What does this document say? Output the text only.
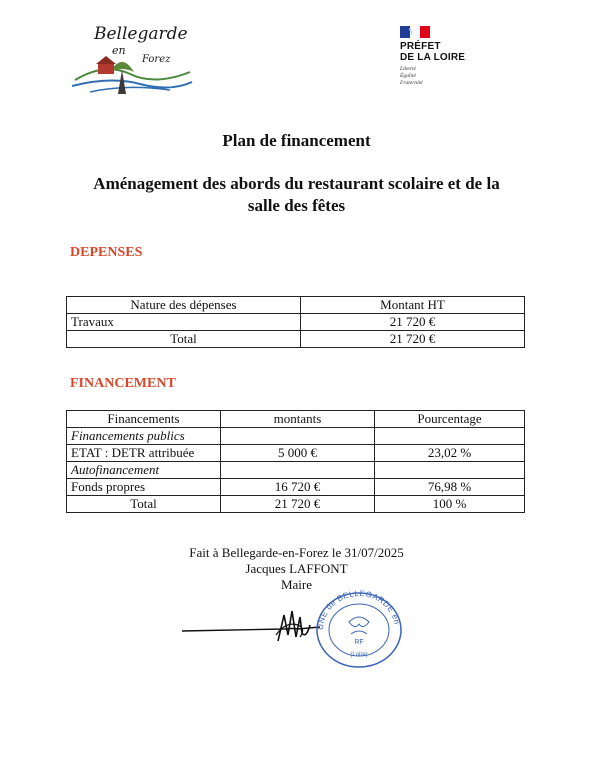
Bellegarde
en
Forez
PRÉFET
DE LA LOIRE
Liberté
Égalité
Fraternité
Plan de financement
Aménagement des abords du restaurant scolaire et de la
salle des fêtes
DEPENSES
Nature des dépenses	Montant HT
Travaux	21 720 €
Total	21 720 €
FINANCEMENT
Financements	montants	Pourcentage
Financements publics		
ETAT : DETR attribuée	5 000 €	23,02 %
Autofinancement		
Fonds propres	16 720 €	76,98 %
Total	21 720 €	100 %
Fait à Bellegarde-en-Forez le 31/07/2025
Jacques LAFFONT
Maire
UNE de BELLEGARDE en
RF
(Loire)
